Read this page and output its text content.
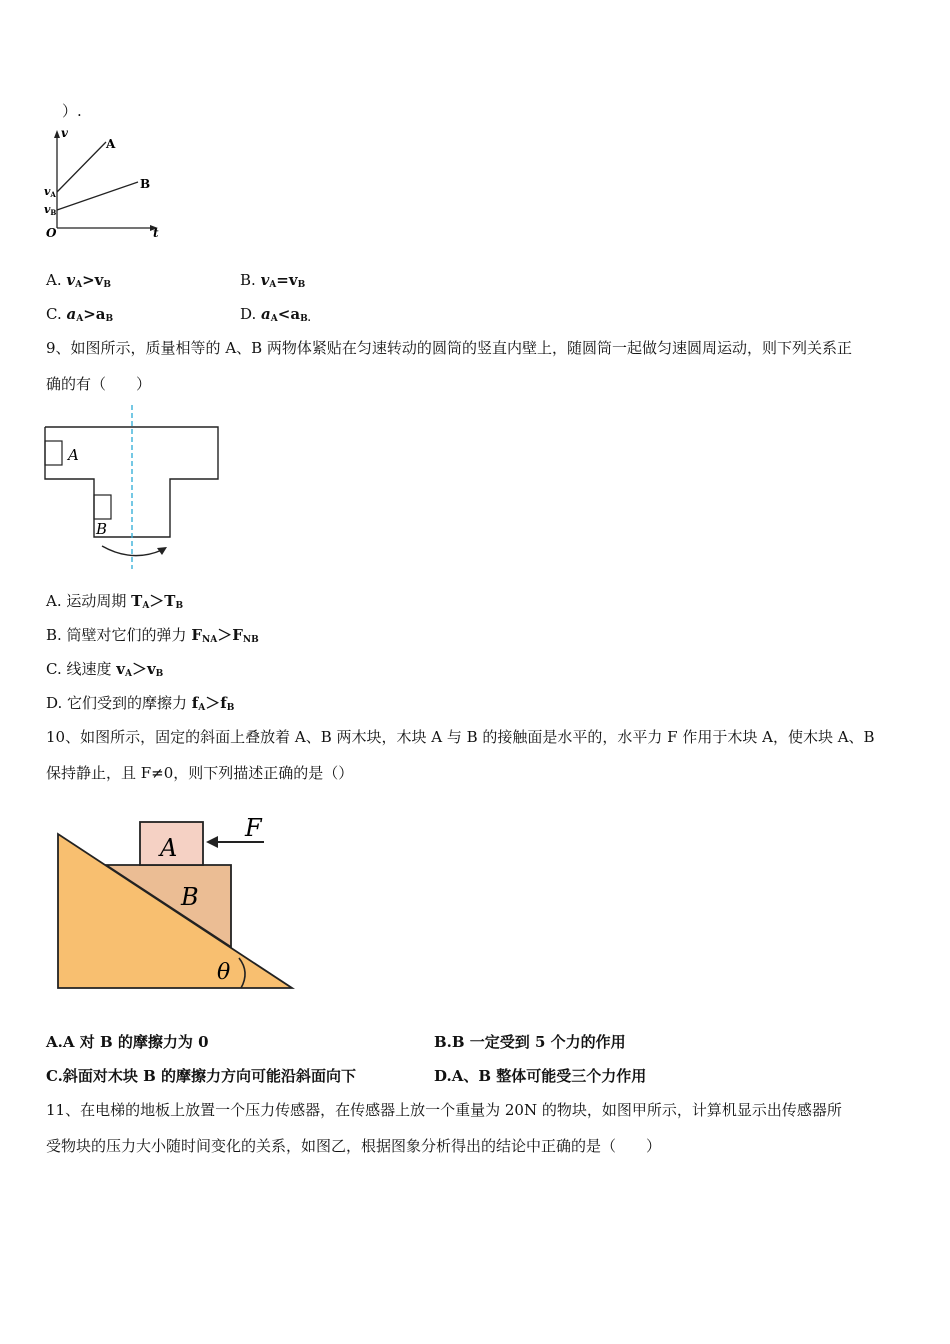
）.
v
A
B
vA
vB
O	t
A. $v_A>v_B$	B. $v_A=v_B$
C. $a_A>a_B$	D. $a_A<a_{B.}$
9、如图所示，质量相等的 A、B 两物体紧贴在匀速转动的圆筒的竖直内壁上，随圆筒一起做匀速圆周运动，则下列关系正
确的有（　　）
A
B
A. 运动周期 $T_A>T_B$
B. 筒壁对它们的弹力 $F_{NA}>F_{NB}$
C. 线速度 $v_A>v_B$
D. 它们受到的摩擦力 $f_A>f_B$
10、如图所示，固定的斜面上叠放着 A、B 两木块，木块 A 与 B 的接触面是水平的，水平力 F 作用于木块 A，使木块 A、B
保持静止，且 F≠0，则下列描述正确的是（）
A
B
F
θ
A.A 对 B 的摩擦力为 0	B.B 一定受到 5 个力的作用
C.斜面对木块 B 的摩擦力方向可能沿斜面向下	D.A、B 整体可能受三个力作用
11、在电梯的地板上放置一个压力传感器，在传感器上放一个重量为 20N 的物块，如图甲所示，计算机显示出传感器所
受物块的压力大小随时间变化的关系，如图乙，根据图象分析得出的结论中正确的是（　　）
